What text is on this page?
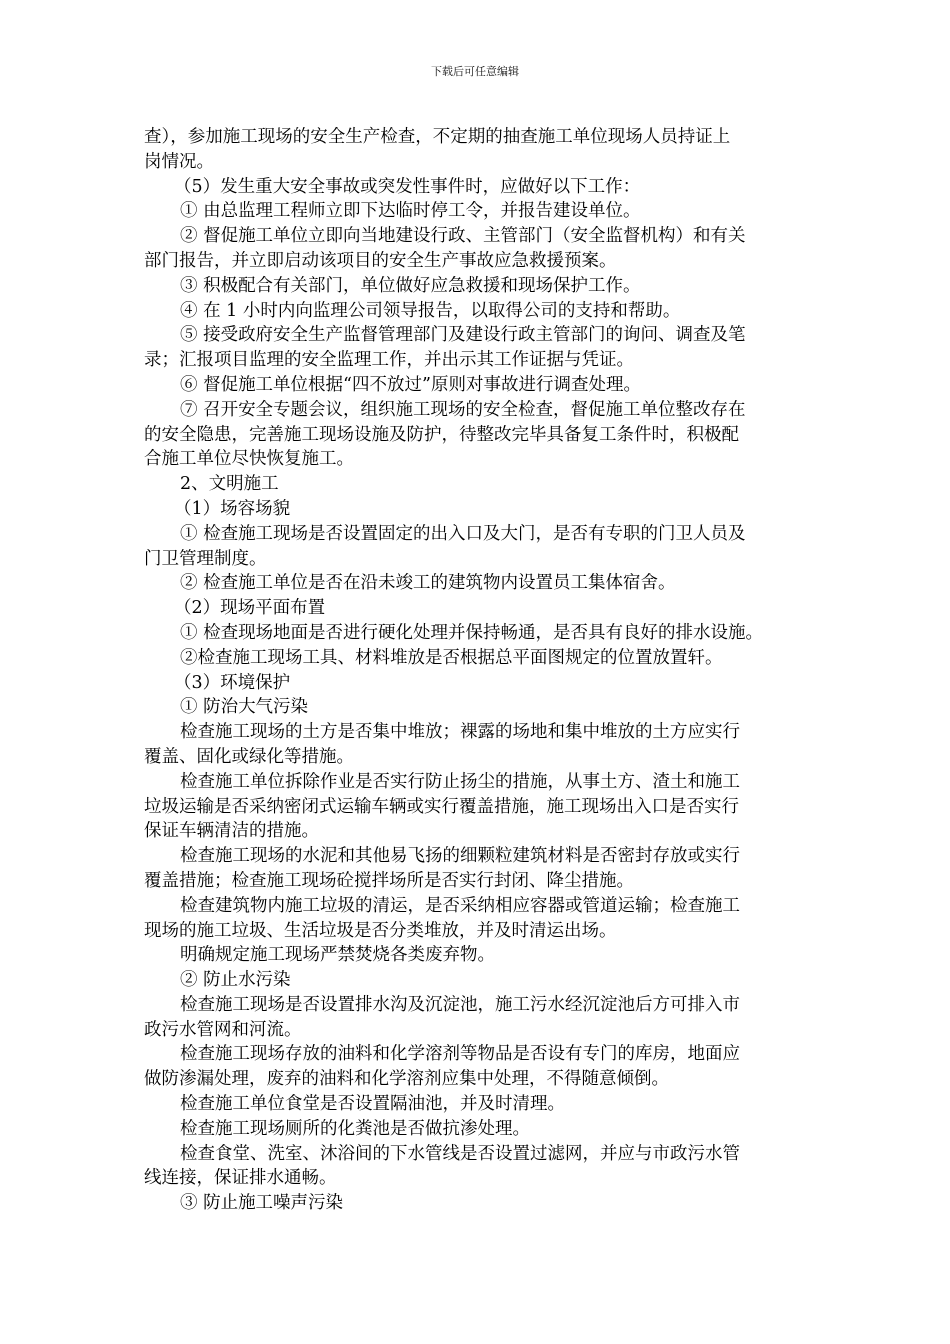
下载后可任意编辑
查），参加施工现场的安全生产检查，不定期的抽查施工单位现场人员持证上
岗情况。
（5）发生重大安全事故或突发性事件时，应做好以下工作：
① 由总监理工程师立即下达临时停工令，并报告建设单位。
② 督促施工单位立即向当地建设行政、主管部门（安全监督机构）和有关
部门报告，并立即启动该项目的安全生产事故应急救援预案。
③ 积极配合有关部门，单位做好应急救援和现场保护工作。
④ 在 1 小时内向监理公司领导报告，以取得公司的支持和帮助。
⑤ 接受政府安全生产监督管理部门及建设行政主管部门的询问、调查及笔
录；汇报项目监理的安全监理工作，并出示其工作证据与凭证。
⑥ 督促施工单位根据“四不放过”原则对事故进行调查处理。
⑦ 召开安全专题会议，组织施工现场的安全检查，督促施工单位整改存在
的安全隐患，完善施工现场设施及防护，待整改完毕具备复工条件时，积极配
合施工单位尽快恢复施工。
2、文明施工
（1）场容场貌
① 检查施工现场是否设置固定的出入口及大门，是否有专职的门卫人员及
门卫管理制度。
② 检查施工单位是否在沿未竣工的建筑物内设置员工集体宿舍。
（2）现场平面布置
① 检查现场地面是否进行硬化处理并保持畅通，是否具有良好的排水设施。
②检查施工现场工具、材料堆放是否根据总平面图规定的位置放置轩。
（3）环境保护
① 防治大气污染
检查施工现场的土方是否集中堆放；裸露的场地和集中堆放的土方应实行
覆盖、固化或绿化等措施。
检查施工单位拆除作业是否实行防止扬尘的措施，从事土方、渣土和施工
垃圾运输是否采纳密闭式运输车辆或实行覆盖措施，施工现场出入口是否实行
保证车辆清洁的措施。
检查施工现场的水泥和其他易飞扬的细颗粒建筑材料是否密封存放或实行
覆盖措施；检查施工现场砼搅拌场所是否实行封闭、降尘措施。
检查建筑物内施工垃圾的清运，是否采纳相应容器或管道运输；检查施工
现场的施工垃圾、生活垃圾是否分类堆放，并及时清运出场。
明确规定施工现场严禁焚烧各类废弃物。
② 防止水污染
检查施工现场是否设置排水沟及沉淀池，施工污水经沉淀池后方可排入市
政污水管网和河流。
检查施工现场存放的油料和化学溶剂等物品是否设有专门的库房，地面应
做防渗漏处理，废弃的油料和化学溶剂应集中处理，不得随意倾倒。
检查施工单位食堂是否设置隔油池，并及时清理。
检查施工现场厕所的化粪池是否做抗渗处理。
检查食堂、洗室、沐浴间的下水管线是否设置过滤网，并应与市政污水管
线连接，保证排水通畅。
③ 防止施工噪声污染
